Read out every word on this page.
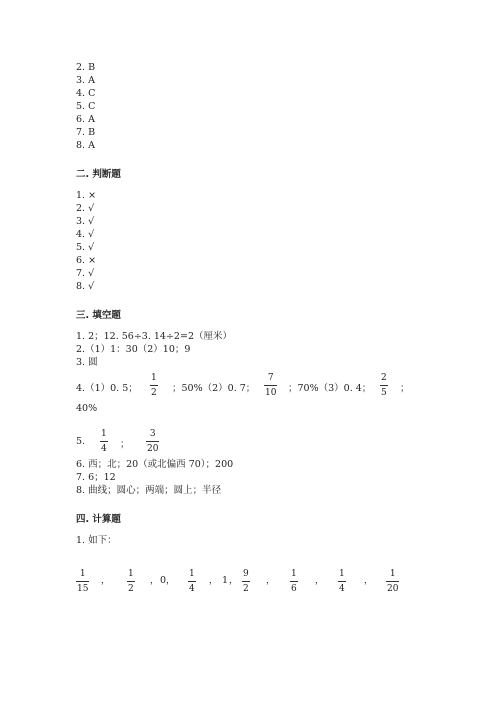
2. B
3. A
4. C
5. C
6. A
7. B
8. A
二. 判断题
1. ×
2. √
3. √
4. √
5. √
6. ×
7. √
8. √
三. 填空题
1. 2；12. 56÷3. 14÷2=2（厘米）
2.（1）1：30（2）10；9
3. 圆
4.（1）0. 5；
1
2 ；50%（2）0. 7；
7
10 ；70%（3）0. 4；
2
5 ；
40%
5.
1
4 ；
3
20
6. 西；北；20（或北偏西 70）；200
7. 6；12
8. 曲线；圆心；两端；圆上；半径
四. 计算题
1. 如下：
1
15
，
1
2
， 0 ，
1
4
， 1 ，
9
2
，
1
6
，
1
4
，
1
20
